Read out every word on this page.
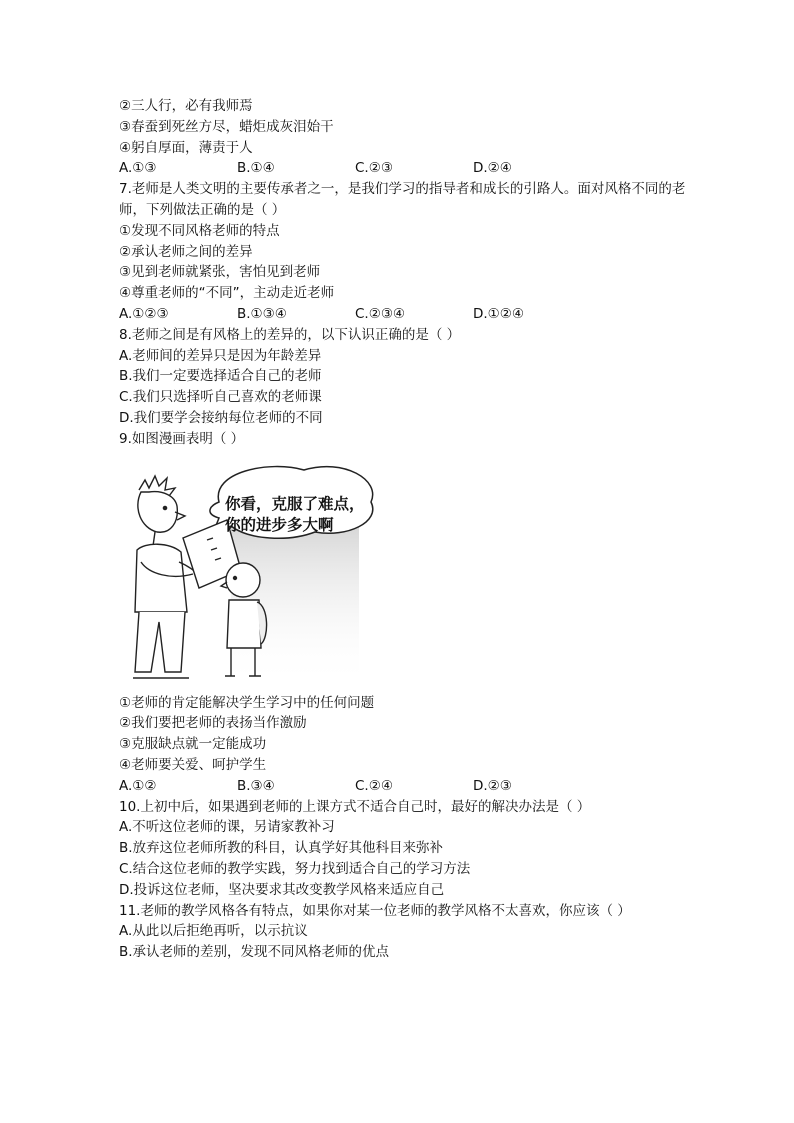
②三人行，必有我师焉
③春蚕到死丝方尽，蜡炬成灰泪始干
④躬自厚面，薄责于人
A.①③	B.①④	C.②③	D.②④
7.老师是人类文明的主要传承者之一，是我们学习的指导者和成长的引路人。面对风格不同的老师，下列做法正确的是（ ）
①发现不同风格老师的特点
②承认老师之间的差异
③见到老师就紧张，害怕见到老师
④尊重老师的“不同”，主动走近老师
A.①②③	B.①③④	C.②③④	D.①②④
8.老师之间是有风格上的差异的，以下认识正确的是（ ）
A.老师间的差异只是因为年龄差异
B.我们一定要选择适合自己的老师
C.我们只选择听自己喜欢的老师课
D.我们要学会接纳每位老师的不同
9.如图漫画表明（ ）
你看，克服了难点，
你的进步多大啊
①老师的肯定能解决学生学习中的任何问题
②我们要把老师的表扬当作激励
③克服缺点就一定能成功
④老师要关爱、呵护学生
A.①②	B.③④	C.②④	D.②③
10.上初中后，如果遇到老师的上课方式不适合自己时，最好的解决办法是（ ）
A.不听这位老师的课，另请家教补习
B.放弃这位老师所教的科目，认真学好其他科目来弥补
C.结合这位老师的教学实践，努力找到适合自己的学习方法
D.投诉这位老师，坚决要求其改变教学风格来适应自己
11.老师的教学风格各有特点，如果你对某一位老师的教学风格不太喜欢，你应该（ ）
A.从此以后拒绝再听，以示抗议
B.承认老师的差别，发现不同风格老师的优点
